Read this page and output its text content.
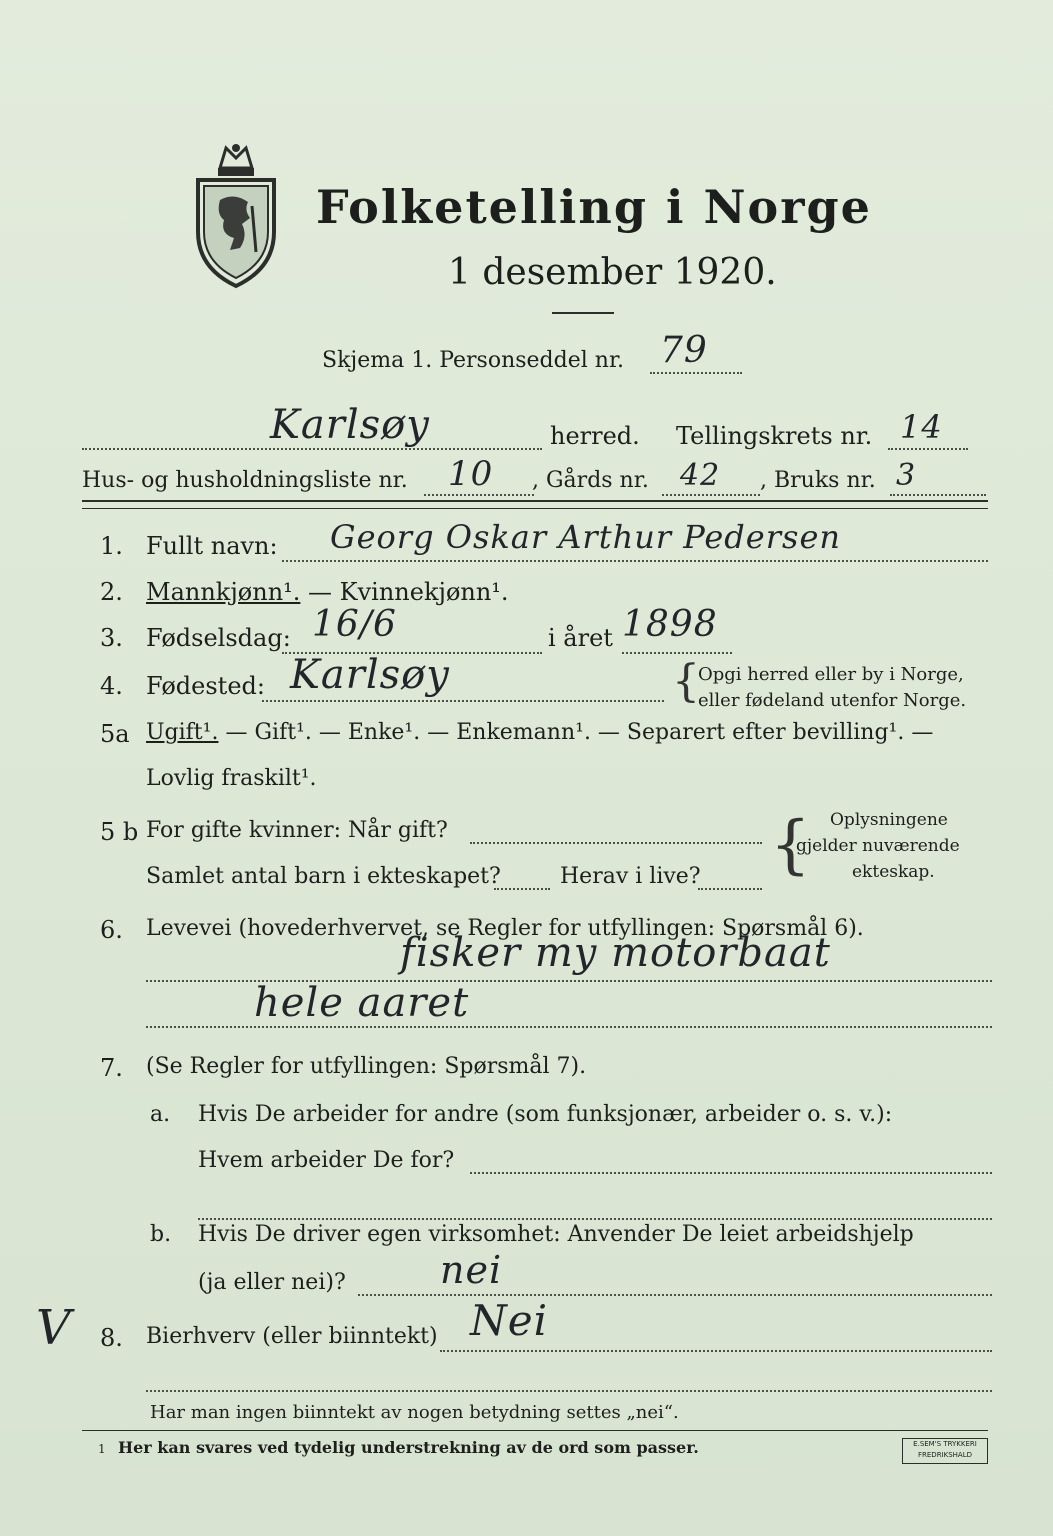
Folketelling i Norge
1 desember 1920.
Skjema 1. Personseddel nr. 79
Karlsøy	herred. Tellingskrets nr. 14
Hus- og husholdningsliste nr. 10 , Gårds nr. 42 , Bruks nr. 3
1. Fullt navn: Georg Oskar Arthur Pedersen
2. Mannkjønn¹. — Kvinnekjønn¹.
3. Fødselsdag: 16/6	i året 1898
4. Fødested: Karlsøy	{
Opgi herred eller by i Norge,
eller fødeland utenfor Norge.
5a Ugift¹. — Gift¹. — Enke¹. — Enkemann¹. — Separert efter bevilling¹. —
Lovlig fraskilt¹.
5 b For gifte kvinner: Når gift?
Samlet antal barn i ekteskapet?	Herav i live? { Oplysningene
gjelder nuværende
ekteskap.
6. Levevei (hovederhvervet, se Regler for utfyllingen: Spørsmål 6).
fisker my motorbaat
hele aaret
7. (Se Regler for utfyllingen: Spørsmål 7).
a. Hvis De arbeider for andre (som funksjonær, arbeider o. s. v.):
Hvem arbeider De for?
b. Hvis De driver egen virksomhet: Anvender De leiet arbeidshjelp
(ja eller nei)? nei
V 8. Bierhverv (eller biinntekt) Nei
Har man ingen biinntekt av nogen betydning settes „nei“.
1 Her kan svares ved tydelig understrekning av de ord som passer.	E.SEM'S TRYKKERI
FREDRIKSHALD
